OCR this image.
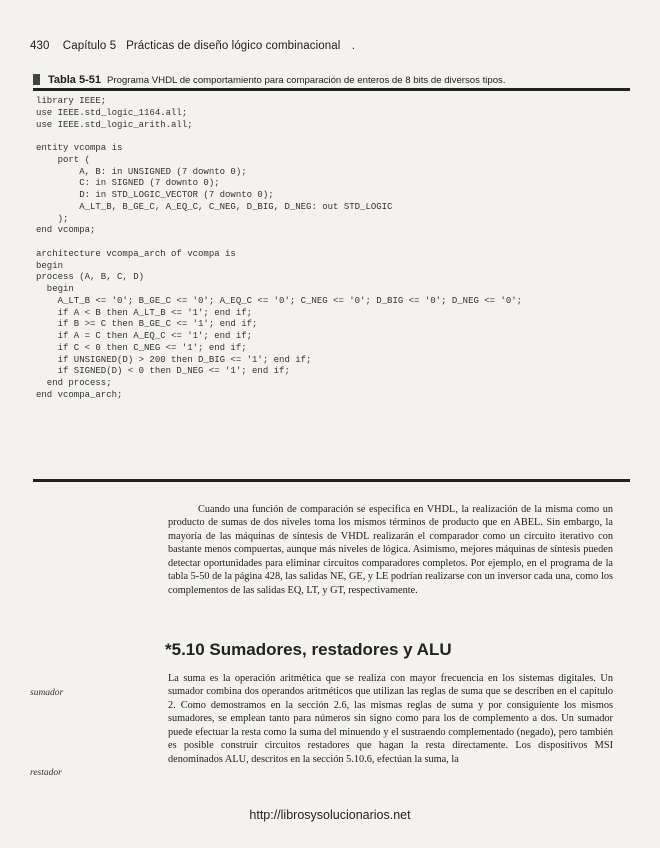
430 Capítulo 5   Prácticas de diseño lógico combinacional .
Tabla 5-51 Programa VHDL de comportamiento para comparación de enteros de 8 bits de diversos tipos.
library IEEE;
use IEEE.std_logic_1164.all;
use IEEE.std_logic_arith.all;
entity vcompa is
port (
A, B: in UNSIGNED (7 downto 0);
C: in SIGNED (7 downto 0);
D: in STD_LOGIC_VECTOR (7 downto 0);
A_LT_B, B_GE_C, A_EQ_C, C_NEG, D_BIG, D_NEG: out STD_LOGIC
);
end vcompa;
architecture vcompa_arch of vcompa is
begin
process (A, B, C, D)
begin
A_LT_B <= '0'; B_GE_C <= '0'; A_EQ_C <= '0'; C_NEG <= '0'; D_BIG <= '0'; D_NEG <= '0';
if A < B then A_LT_B <= '1'; end if;
if B >= C then B_GE_C <= '1'; end if;
if A = C then A_EQ_C <= '1'; end if;
if C < 0 then C_NEG <= '1'; end if;
if UNSIGNED(D) > 200 then D_BIG <= '1'; end if;
if SIGNED(D) < 0 then D_NEG <= '1'; end if;
end process;
end vcompa_arch;

Cuando una función de comparación se especifica en VHDL, la realización de la misma como un producto de sumas de dos niveles toma los mismos términos de producto que en ABEL. Sin embargo, la mayoría de las máquinas de síntesis de VHDL realizarán el comparador como un circuito iterativo con bastante menos compuertas, aunque más niveles de lógica. Asimismo, mejores máquinas de síntesis pueden detectar oportunidades para eliminar circuitos comparadores completos. Por ejemplo, en el programa de la tabla 5-50 de la página 428, las salidas NE, GE, y LE podrían realizarse con un inversor cada una, como los complementos de las salidas EQ, LT, y GT, respectivamente.

*5.10 Sumadores, restadores y ALU
sumador
restador

La suma es la operación aritmética que se realiza con mayor frecuencia en los sistemas digitales. Un sumador combina dos operandos aritméticos que utilizan las reglas de suma que se describen en el capítulo 2. Como demostramos en la sección 2.6, las mismas reglas de suma y por consiguiente los mismos sumadores, se emplean tanto para números sin signo como para los de complemento a dos. Un sumador puede efectuar la resta como la suma del minuendo y el sustraendo complementado (negado), pero también es posible construir circuitos restadores que hagan la resta directamente. Los dispositivos MSI denominados ALU, descritos en la sección 5.10.6, efectúan la suma, la

http://librosysolucionarios.net
